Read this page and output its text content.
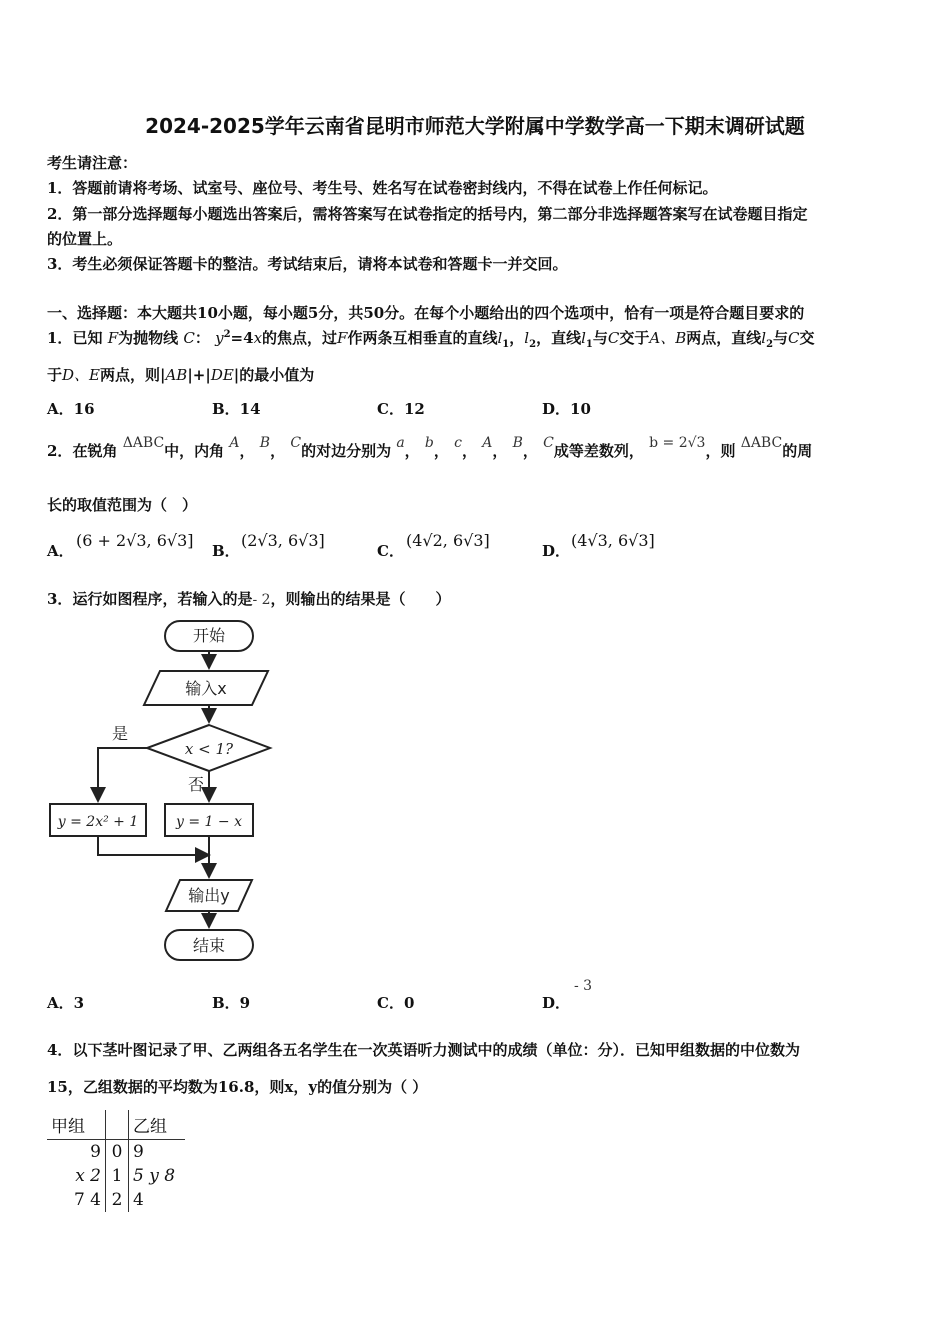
2024-2025学年云南省昆明市师范大学附属中学数学高一下期末调研试题
考生请注意：
1．答题前请将考场、试室号、座位号、考生号、姓名写在试卷密封线内，不得在试卷上作任何标记。
2．第一部分选择题每小题选出答案后，需将答案写在试卷指定的括号内，第二部分非选择题答案写在试卷题目指定
的位置上。
3．考生必须保证答题卡的整洁。考试结束后，请将本试卷和答题卡一并交回。
一、选择题：本大题共10小题，每小题5分，共50分。在每个小题给出的四个选项中，恰有一项是符合题目要求的
1．已知 F为抛物线 C： $y^2=4x$的焦点，过F作两条互相垂直的直线$l_1$，$l_2$，直线$l_1$与C交于A、B两点，直线$l_2$与C交
于D、E两点，则|AB|+|DE|的最小值为
A．16	B．14	C．12	D．10
2．在锐角 ΔABC中，内角 A， B， C的对边分别为 a， b， c， A， B， C成等差数列， b = 2√3，则 ΔABC的周
长的取值范围为（　）
A．
(6 + 2√3, 6√3]
B．
(2√3, 6√3]
C．
(4√2, 6√3]
D．
(4√3, 6√3]
3．运行如图程序，若输入的是- 2，则输出的结果是（　　）
开始
输入x
x < 1?
是
否
y = 2x² + 1	y = 1 − x
输出y
结束
A．3	B．9	C．0	D．
- 3
4．以下茎叶图记录了甲、乙两组各五名学生在一次英语听力测试中的成绩（单位：分）．已知甲组数据的中位数为
15，乙组数据的平均数为16.8，则x，y的值分别为（ ）
甲组		乙组
9	0	9
x 2	1	5 y 8
7 4	2	4
